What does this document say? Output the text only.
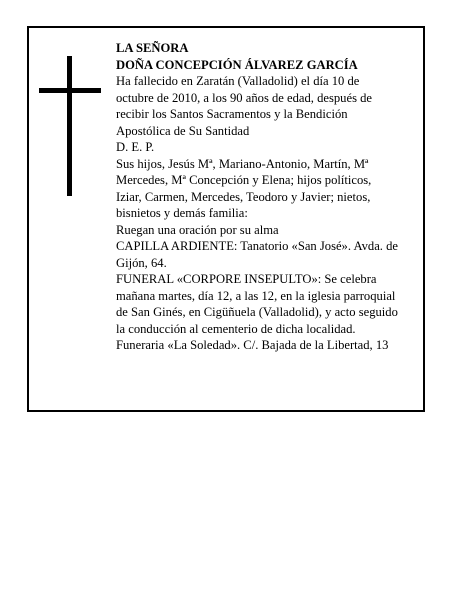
LA SEÑORA
DOÑA CONCEPCIÓN ÁLVAREZ GARCÍA
Ha fallecido en Zaratán (Valladolid) el día 10 de
octubre de 2010, a los 90 años de edad, después de
recibir los Santos Sacramentos y la Bendición
Apostólica de Su Santidad
D. E. P.
Sus hijos, Jesús Mª, Mariano-Antonio, Martín, Mª
Mercedes, Mª Concepción y Elena; hijos políticos,
Iziar, Carmen, Mercedes, Teodoro y Javier; nietos,
bisnietos y demás familia:
Ruegan una oración por su alma
CAPILLA ARDIENTE: Tanatorio «San José». Avda. de
Gijón, 64.
FUNERAL «CORPORE INSEPULTO»: Se celebra
mañana martes, día 12, a las 12, en la iglesia parroquial
de San Ginés, en Cigüñuela (Valladolid), y acto seguido
la conducción al cementerio de dicha localidad.
Funeraria «La Soledad». C/. Bajada de la Libertad, 13
